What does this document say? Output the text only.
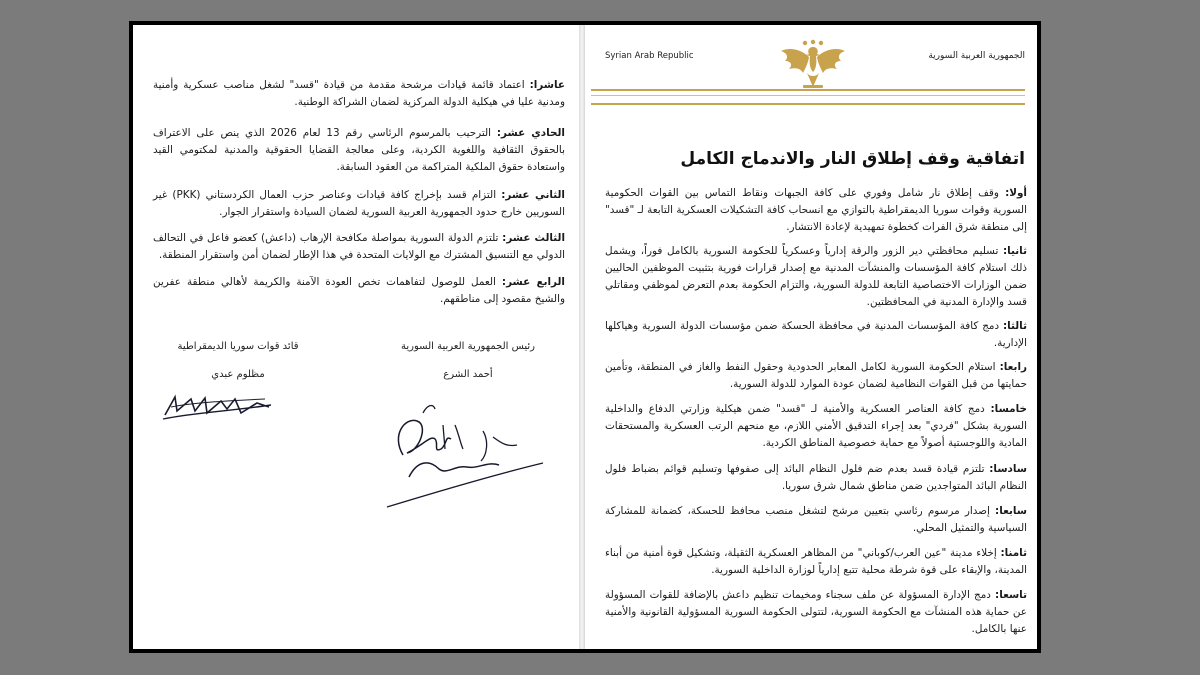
عاشرا: اعتماد قائمة قيادات مرشحة مقدمة من قيادة "قسد" لشغل مناصب عسكرية وأمنية ومدنية عليا في هيكلية الدولة المركزية لضمان الشراكة الوطنية.

الحادي عشر: الترحيب بالمرسوم الرئاسي رقم 13 لعام 2026 الذي ينص على الاعتراف بالحقوق الثقافية واللغوية الكردية، وعلى معالجة القضايا الحقوقية والمدنية لمكتومي القيد واستعادة حقوق الملكية المتراكمة من العقود السابقة.

الثاني عشر: التزام قسد بإخراج كافة قيادات وعناصر حزب العمال الكردستاني (PKK) غير السوريين خارج حدود الجمهورية العربية السورية لضمان السيادة واستقرار الجوار.

الثالث عشر: تلتزم الدولة السورية بمواصلة مكافحة الإرهاب (داعش) كعضو فاعل في التحالف الدولي مع التنسيق المشترك مع الولايات المتحدة في هذا الإطار لضمان أمن واستقرار المنطقة.

الرابع عشر: العمل للوصول لتفاهمات تخص العودة الآمنة والكريمة لأهالي منطقة عفرين والشيخ مقصود إلى مناطقهم.

رئيس الجمهورية العربية السورية
قائد قوات سوريا الديمقراطية
أحمد الشرع
مظلوم عبدي
Syrian Arab Republic	الجمهورية العربية السورية
اتفاقية وقف إطلاق النار والاندماج الكامل

أولا: وقف إطلاق نار شامل وفوري على كافة الجبهات ونقاط التماس بين القوات الحكومية السورية وقوات سوريا الديمقراطية بالتوازي مع انسحاب كافة التشكيلات العسكرية التابعة لـ "قسد" إلى منطقة شرق الفرات كخطوة تمهيدية لإعادة الانتشار.

ثانيا: تسليم محافظتي دير الزور والرقة إدارياً وعسكرياً للحكومة السورية بالكامل فوراً، ويشمل ذلك استلام كافة المؤسسات والمنشآت المدنية مع إصدار قرارات فورية بتثبيت الموظفين الحاليين ضمن الوزارات الاختصاصية التابعة للدولة السورية، والتزام الحكومة بعدم التعرض لموظفي ومقاتلي قسد والإدارة المدنية في المحافظتين.

ثالثا: دمج كافة المؤسسات المدنية في محافظة الحسكة ضمن مؤسسات الدولة السورية وهياكلها الإدارية.

رابعا: استلام الحكومة السورية لكامل المعابر الحدودية وحقول النفط والغاز في المنطقة، وتأمين حمايتها من قبل القوات النظامية لضمان عودة الموارد للدولة السورية.

خامسا: دمج كافة العناصر العسكرية والأمنية لـ "قسد" ضمن هيكلية وزارتي الدفاع والداخلية السورية بشكل "فردي" بعد إجراء التدقيق الأمني اللازم، مع منحهم الرتب العسكرية والمستحقات المادية واللوجستية أصولاً مع حماية خصوصية المناطق الكردية.

سادسا: تلتزم قيادة قسد بعدم ضم فلول النظام البائد إلى صفوفها وتسليم قوائم بضباط فلول النظام البائد المتواجدين ضمن مناطق شمال شرق سوريا.

سابعا: إصدار مرسوم رئاسي بتعيين مرشح لتشغل منصب محافظ للحسكة، كضمانة للمشاركة السياسية والتمثيل المحلي.

ثامنا: إخلاء مدينة "عين العرب/كوباني" من المظاهر العسكرية الثقيلة، وتشكيل قوة أمنية من أبناء المدينة، والإبقاء على قوة شرطة محلية تتبع إدارياً لوزارة الداخلية السورية.

تاسعا: دمج الإدارة المسؤولة عن ملف سجناء ومخيمات تنظيم داعش بالإضافة للقوات المسؤولة عن حماية هذه المنشآت مع الحكومة السورية، لتتولى الحكومة السورية المسؤولية القانونية والأمنية عنها بالكامل.
